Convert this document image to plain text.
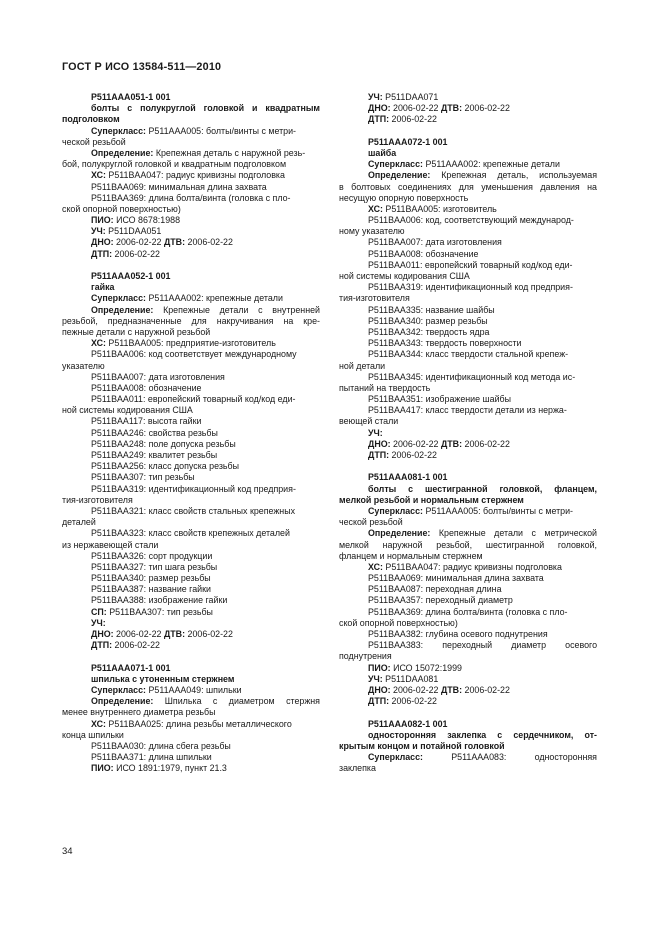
ГОСТ Р ИСО 13584-511—2010
P511AAA051-1 001
болты с полукруглой головкой и квадратным
подголовком
Суперкласс: P511AAA005: болты/винты с метри-
ческой резьбой
Определение: Крепежная деталь с наружной резь-
бой, полукруглой головкой и квадратным подголовком
ХС: P511BAA047: радиус кривизны подголовка
P511BAA069: минимальная длина захвата
P511BAA369: длина болта/винта (головка с пло-
ской опорной поверхностью)
ПИО: ИСО 8678:1988
УЧ: P511DAA051
ДНО: 2006-02-22 ДТВ: 2006-02-22
ДТП: 2006-02-22
P511AAA052-1 001
гайка
Суперкласс: P511AAA002: крепежные детали
Определение: Крепежные детали с внутренней
резьбой, предназначенные для накручивания на кре-
пежные детали с наружной резьбой
ХС: P511BAA005: предприятие-изготовитель
P511BAA006: код соответствует международному
указателю
P511BAA007: дата изготовления
P511BAA008: обозначение
P511BAA011: европейский товарный код/код еди-
ной системы кодирования США
P511BAA117: высота гайки
P511BAA246: свойства резьбы
P511BAA248: поле допуска резьбы
P511BAA249: квалитет резьбы
P511BAA256: класс допуска резьбы
P511BAA307: тип резьбы
P511BAA319: идентификационный код предприя-
тия-изготовителя
P511BAA321: класс свойств стальных крепежных
деталей
P511BAA323: класс свойств крепежных деталей
из нержавеющей стали
P511BAA326: сорт продукции
P511BAA327: тип шага резьбы
P511BAA340: размер резьбы
P511BAA387: название гайки
P511BAA388: изображение гайки
СП: P511BAA307: тип резьбы
УЧ:
ДНО: 2006-02-22 ДТВ: 2006-02-22
ДТП: 2006-02-22
P511AAA071-1 001
шпилька с утоненным стержнем
Суперкласс: P511AAA049: шпильки
Определение: Шпилька с диаметром стержня
менее внутреннего диаметра резьбы
ХС: P511BAA025: длина резьбы металлического
конца шпильки
P511BAA030: длина сбега резьбы
P511BAA371: длина шпильки
ПИО: ИСО 1891:1979, пункт 21.3
УЧ: P511DAA071
ДНО: 2006-02-22 ДТВ: 2006-02-22
ДТП: 2006-02-22
P511AAA072-1 001
шайба
Суперкласс: P511AAA002: крепежные детали
Определение: Крепежная деталь, используемая
в болтовых соединениях для уменьшения давления на
несущую опорную поверхность
ХС: P511BAA005: изготовитель
P511BAA006: код, соответствующий международ-
ному указателю
P511BAA007: дата изготовления
P511BAA008: обозначение
P511BAA011: европейский товарный код/код еди-
ной системы кодирования США
P511BAA319: идентификационный код предприя-
тия-изготовителя
P511BAA335: название шайбы
P511BAA340: размер резьбы
P511BAA342: твердость ядра
P511BAA343: твердость поверхности
P511BAA344: класс твердости стальной крепеж-
ной детали
P511BAA345: идентификационный код метода ис-
пытаний на твердость
P511BAA351: изображение шайбы
P511BAA417: класс твердости детали из нержа-
веющей стали
УЧ:
ДНО: 2006-02-22 ДТВ: 2006-02-22
ДТП: 2006-02-22
P511AAA081-1 001
болты с шестигранной головкой, фланцем,
мелкой резьбой и нормальным стержнем
Суперкласс: P511AAA005: болты/винты с метри-
ческой резьбой
Определение: Крепежные детали с метрической
мелкой наружной резьбой, шестигранной головкой,
фланцем и нормальным стержнем
ХС: P511BAA047: радиус кривизны подголовка
P511BAA069: минимальная длина захвата
P511BAA087: переходная длина
P511BAA357: переходный диаметр
P511BAA369: длина болта/винта (головка с пло-
ской опорной поверхностью)
P511BAA382: глубина осевого поднутрения
P511BAA383: переходный диаметр осевого
поднутрения
ПИО: ИСО 15072:1999
УЧ: P511DAA081
ДНО: 2006-02-22 ДТВ: 2006-02-22
ДТП: 2006-02-22
P511AAA082-1 001
односторонняя заклепка с сердечником, от-
крытым концом и потайной головкой
Суперкласс: P511AAA083: односторонняя
заклепка
34
